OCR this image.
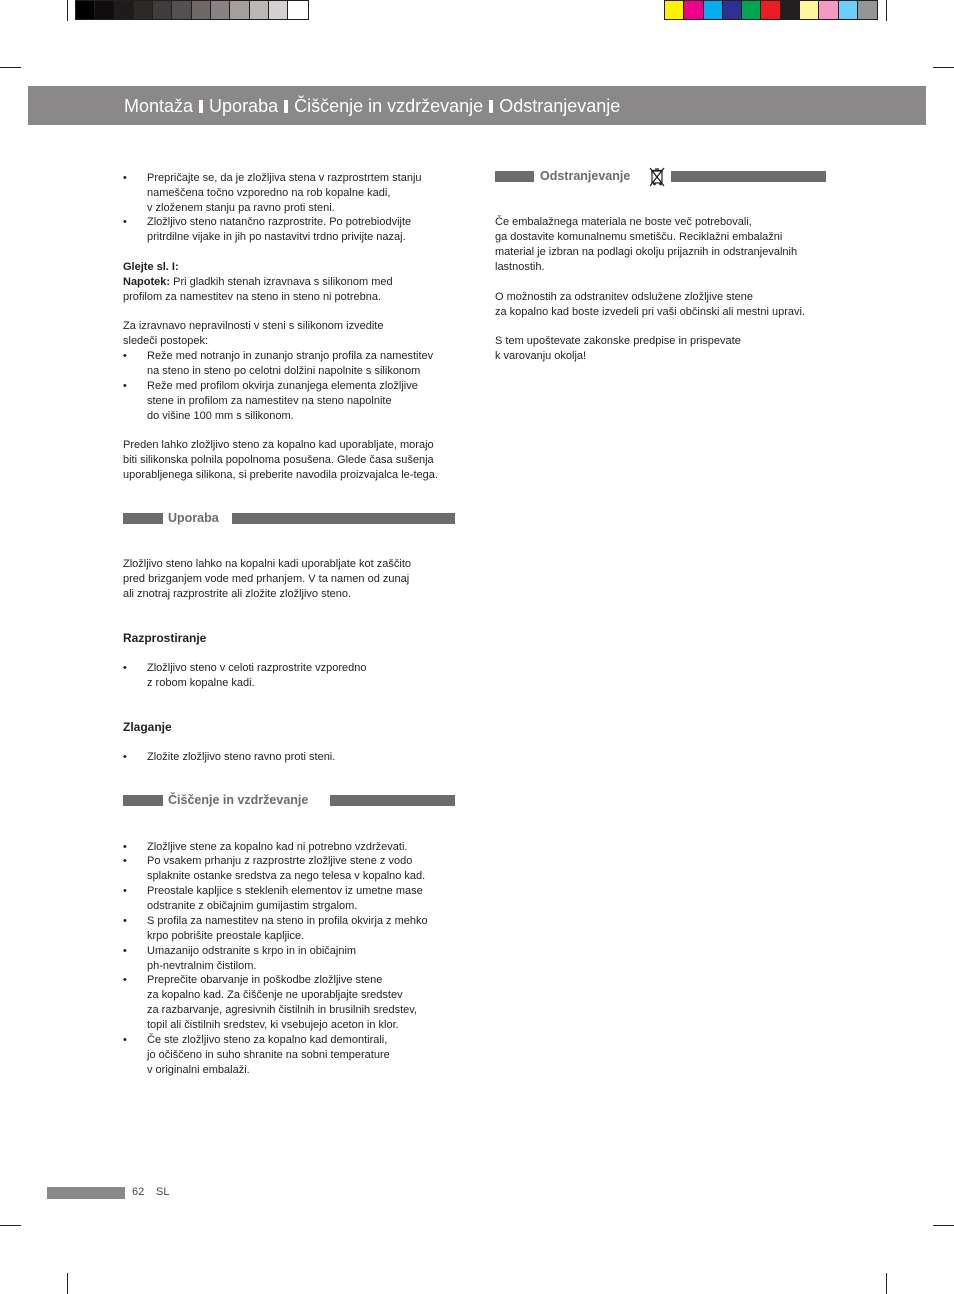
Montaža Uporaba Čiščenje in vzdrževanje Odstranjevanje
• Prepričajte se, da je zložljiva stena v razprostrtem stanju
nameščena točno vzporedno na rob kopalne kadi,
v zloženem stanju pa ravno proti steni.
• Zložljivo steno natančno razprostrite. Po potrebiodvijte
pritrdilne vijake in jih po nastavitvi trdno privijte nazaj.
Glejte sl. I:
Napotek: Pri gladkih stenah izravnava s silikonom med
profilom za namestitev na steno in steno ni potrebna.
Za izravnavo nepravilnosti v steni s silikonom izvedite
sledeči postopek:
• Reže med notranjo in zunanjo stranjo profila za namestitev
na steno in steno po celotni dolžini napolnite s silikonom
• Reže med profilom okvirja zunanjega elementa zložljive
stene in profilom za namestitev na steno napolnite
do višine 100 mm s silikonom.
Preden lahko zložljivo steno za kopalno kad uporabljate, morajo
biti silikonska polnila popolnoma posušena. Glede časa sušenja
uporabljenega silikona, si preberite navodila proizvajalca le-tega.
Uporaba
Zložljivo steno lahko na kopalni kadi uporabljate kot zaščito
pred brizganjem vode med prhanjem. V ta namen od zunaj
ali znotraj razprostrite ali zložite zložljivo steno.
Razprostiranje
• Zložljivo steno v celoti razprostrite vzporedno
z robom kopalne kadi.
Zlaganje
• Zložite zložljivo steno ravno proti steni.
Čiščenje in vzdrževanje
• Zložljive stene za kopalno kad ni potrebno vzdrževati.
• Po vsakem prhanju z razprostrte zložljive stene z vodo
splaknite ostanke sredstva za nego telesa v kopalno kad.
• Preostale kapljice s steklenih elementov iz umetne mase
odstranite z običajnim gumijastim strgalom.
• S profila za namestitev na steno in profila okvirja z mehko
krpo pobrišite preostale kapljice.
• Umazanijo odstranite s krpo in in običajnim
ph-nevtralnim čistilom.
• Preprečite obarvanje in poškodbe zložljive stene
za kopalno kad. Za čiščenje ne uporabljajte sredstev
za razbarvanje, agresivnih čistilnih in brusilnih sredstev,
topil ali čistilnih sredstev, ki vsebujejo aceton in klor.
• Če ste zložljivo steno za kopalno kad demontirali,
jo očiščeno in suho shranite na sobni temperature
v originalni embalaži.
Odstranjevanje
Če embalažnega materiala ne boste več potrebovali,
ga dostavite komunalnemu smetišču. Reciklažni embalažni
material je izbran na podlagi okolju prijaznih in odstranjevalnih
lastnostih.
O možnostih za odstranitev odslužene zložljive stene
za kopalno kad boste izvedeli pri vaši občinski ali mestni upravi.
S tem upoštevate zakonske predpise in prispevate
k varovanju okolja!
62 SL
